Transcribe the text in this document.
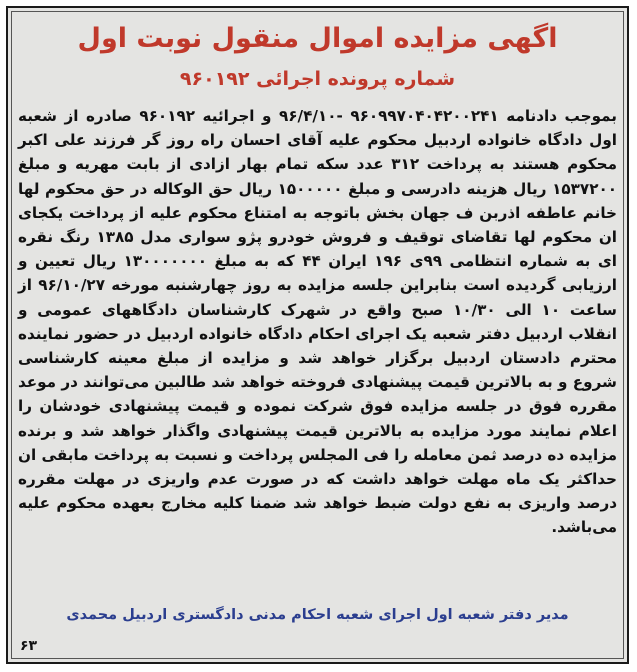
اگهی مزایده اموال منقول نوبت اول
شماره پرونده اجرائی ۹۶۰۱۹۲

بموجب دادنامه ۹۶۰۹۹۷۰۴۰۴۲۰۰۲۴۱ -۹۶/۴/۱۰ و اجرائیه ۹۶۰۱۹۲ صادره از شعبه اول دادگاه خانواده اردبیل محکوم علیه آقای احسان راه روز گر فرزند علی اکبر محکوم هستند به پرداخت ۳۱۲ عدد سکه تمام بهار ازادی از بابت مهریه و مبلغ ۱۵۳۷۲۰۰ ریال هزینه دادرسی و مبلغ ۱۵۰۰۰۰۰ ریال حق الوکاله در حق محکوم لها خانم عاطفه اذربن ف جهان بخش باتوجه به امتناع محکوم علیه از پرداخت یکجای ان محکوم لها تقاضای توقیف و فروش خودرو پژو سواری مدل ۱۳۸۵ رنگ نقره ای به شماره انتظامی ۹۹ی ۱۹۶ ایران ۴۴ که به مبلغ ۱۳۰۰۰۰۰۰۰ ریال تعیین و ارزیابی گردیده است بنابراین جلسه مزایده به روز چهارشنبه مورخه ۹۶/۱۰/۲۷ از ساعت ۱۰ الی ۱۰/۳۰ صبح واقع در شهرک کارشناسان دادگاههای عمومی و انقلاب اردبیل دفتر شعبه یک اجرای احکام دادگاه خانواده اردبیل در حضور نماینده محترم دادستان اردبیل برگزار خواهد شد و مزایده از مبلغ معینه کارشناسی شروع و به بالاترین قیمت پیشنهادی فروخته خواهد شد طالبین می‌توانند در موعد مقرره فوق در جلسه مزایده فوق شرکت نموده و قیمت پیشنهادی خودشان را اعلام نمایند مورد مزایده به بالاترین قیمت پیشنهادی واگذار خواهد شد و برنده مزایده ده درصد ثمن معامله را فی المجلس پرداخت و نسبت به پرداخت مابقی ان حداکثر یک ماه مهلت خواهد داشت که در صورت عدم واریزی در مهلت مقرره درصد واریزی به نفع دولت ضبط خواهد شد ضمنا کلیه مخارج بعهده محکوم علیه می‌باشد.

مدیر دفتر شعبه اول اجرای شعبه احکام مدنی دادگستری اردبیل محمدی
۶۳
